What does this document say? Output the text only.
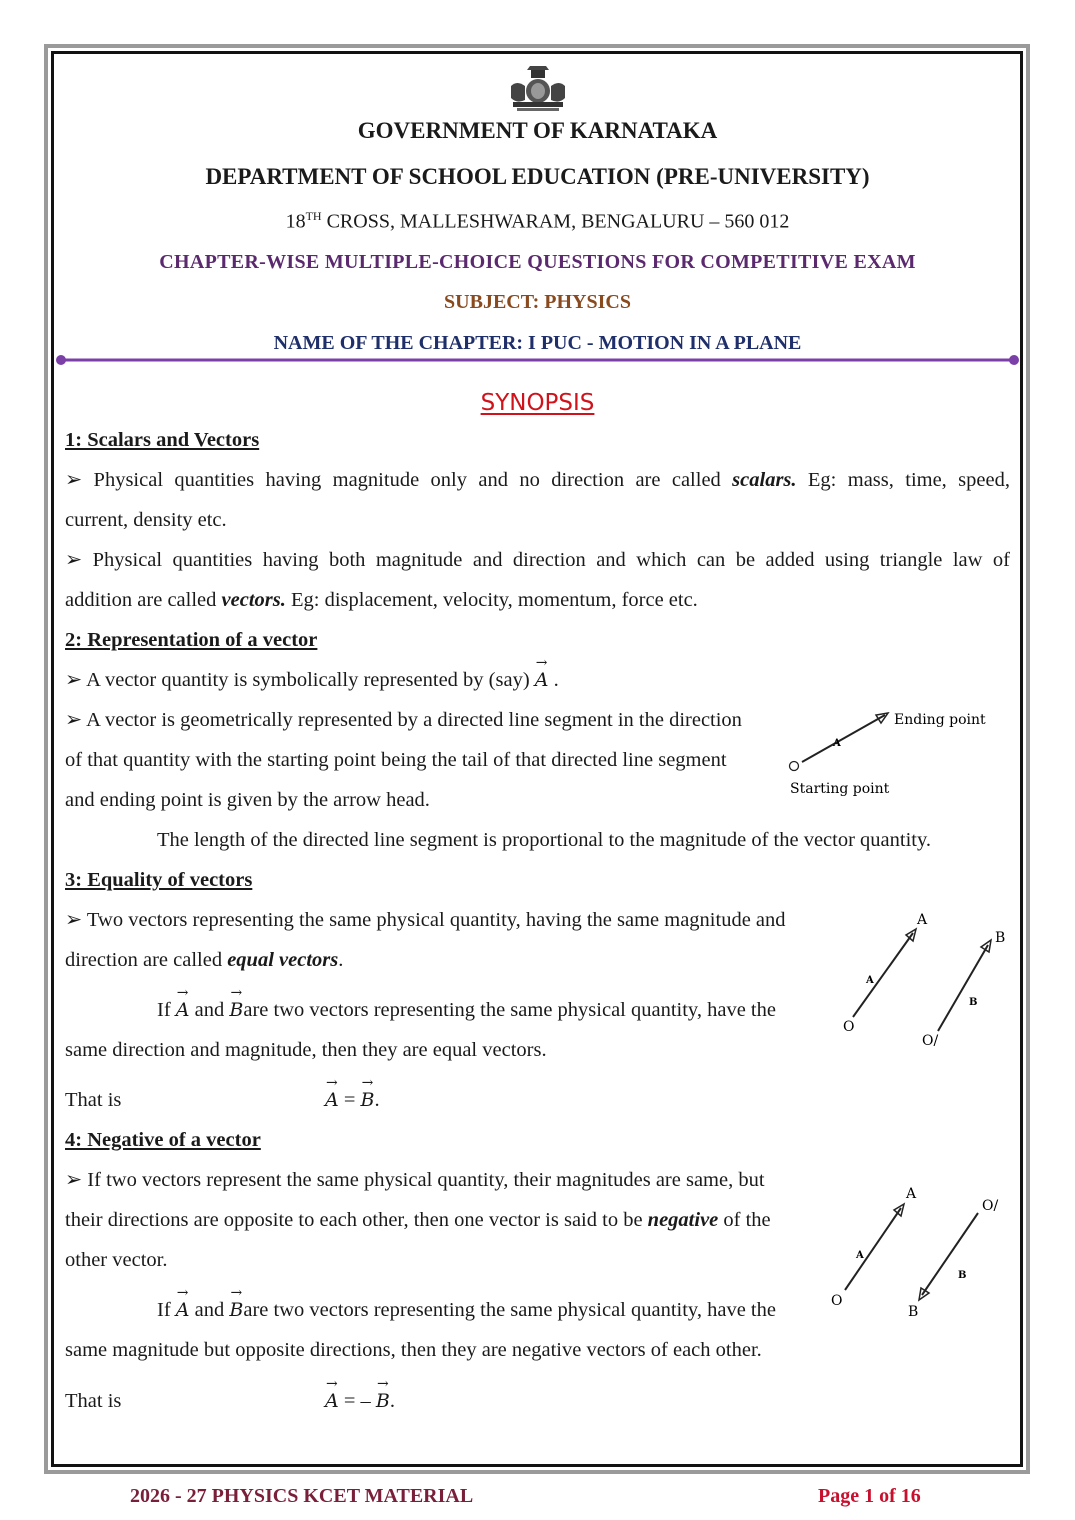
GOVERNMENT OF KARNATAKA
DEPARTMENT OF SCHOOL EDUCATION (PRE-UNIVERSITY)
18TH CROSS, MALLESHWARAM, BENGALURU – 560 012
CHAPTER-WISE MULTIPLE-CHOICE QUESTIONS FOR COMPETITIVE EXAM
SUBJECT: PHYSICS
NAME OF THE CHAPTER: I PUC - MOTION IN A PLANE
SYNOPSIS
1: Scalars and Vectors
➢ Physical quantities having magnitude only and no direction are called scalars. Eg: mass, time, speed,
current, density etc.
➢ Physical quantities having both magnitude and direction and which can be added using triangle law of
addition are called vectors. Eg: displacement, velocity, momentum, force etc.
2: Representation of a vector
➢ A vector quantity is symbolically represented by (say) → A .
➢ A vector is geometrically represented by a directed line segment in the direction
of that quantity with the starting point being the tail of that directed line segment
and ending point is given by the arrow head.
The length of the directed line segment is proportional to the magnitude of the vector quantity.
Ending point
Starting point
A
3: Equality of vectors
➢ Two vectors representing the same physical quantity, having the same magnitude and
direction are called equal vectors.
If → A and → Bare two vectors representing the same physical quantity, have the
same direction and magnitude, then they are equal vectors.
That is	→ A = → B.
A
B
O
O/
A
B
4: Negative of a vector
➢ If two vectors represent the same physical quantity, their magnitudes are same, but
their directions are opposite to each other, then one vector is said to be negative of the
other vector.
If → A and → Bare two vectors representing the same physical quantity, have the
same magnitude but opposite directions, then they are negative vectors of each other.
That is	→ A = – → B.
A
O/
O
B
A
B
2026 - 27 PHYSICS KCET MATERIAL	Page 1 of 16
